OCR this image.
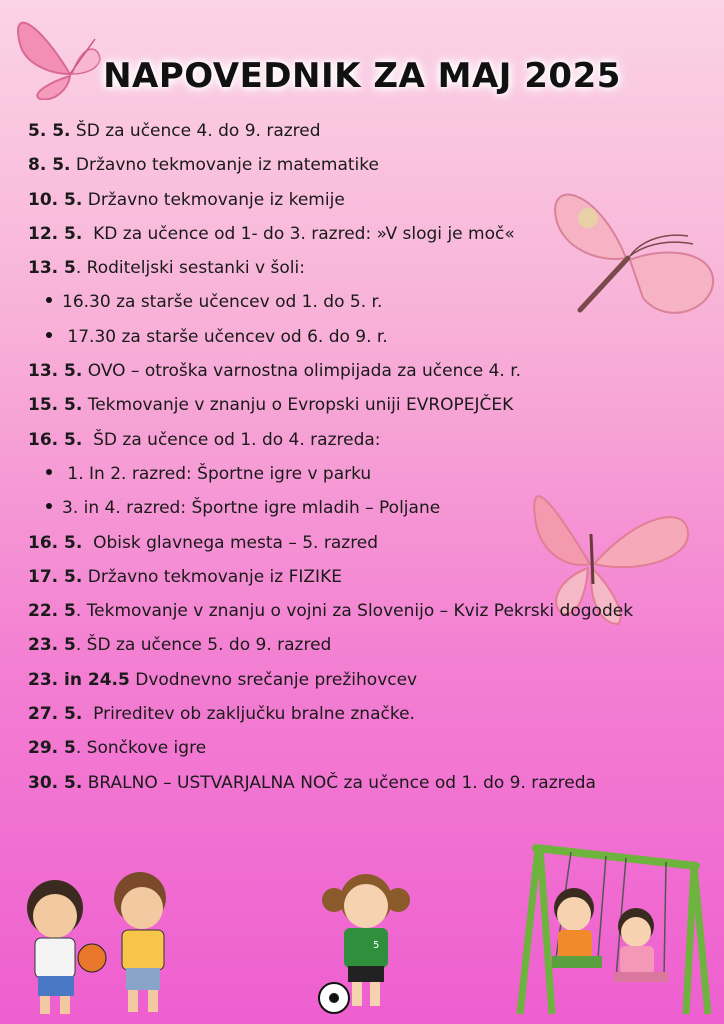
NAPOVEDNIK ZA MAJ 2025
5. 5. ŠD za učence 4. do 9. razred
8. 5. Državno tekmovanje iz matematike
10. 5. Državno tekmovanje iz kemije
12. 5.  KD za učence od 1- do 3. razred: »V slogi je moč«
13. 5. Roditeljski sestanki v šoli:
16.30 za starše učencev od 1. do 5. r.
17.30 za starše učencev od 6. do 9. r.
13. 5. OVO – otroška varnostna olimpijada za učence 4. r.
15. 5. Tekmovanje v znanju o Evropski uniji EVROPEJČEK
16. 5.  ŠD za učence od 1. do 4. razreda:
1. In 2. razred: Športne igre v parku
3. in 4. razred: Športne igre mladih – Poljane
16. 5.  Obisk glavnega mesta – 5. razred
17. 5. Državno tekmovanje iz FIZIKE
22. 5. Tekmovanje v znanju o vojni za Slovenijo – Kviz Pekrski dogodek
23. 5. ŠD za učence 5. do 9. razred
23. in 24.5 Dvodnevno srečanje prežihovcev
27. 5.  Prireditev ob zaključku bralne značke.
29. 5. Sončkove igre
30. 5. BRALNO – USTVARJALNA NOČ za učence od 1. do 9. razreda
5
